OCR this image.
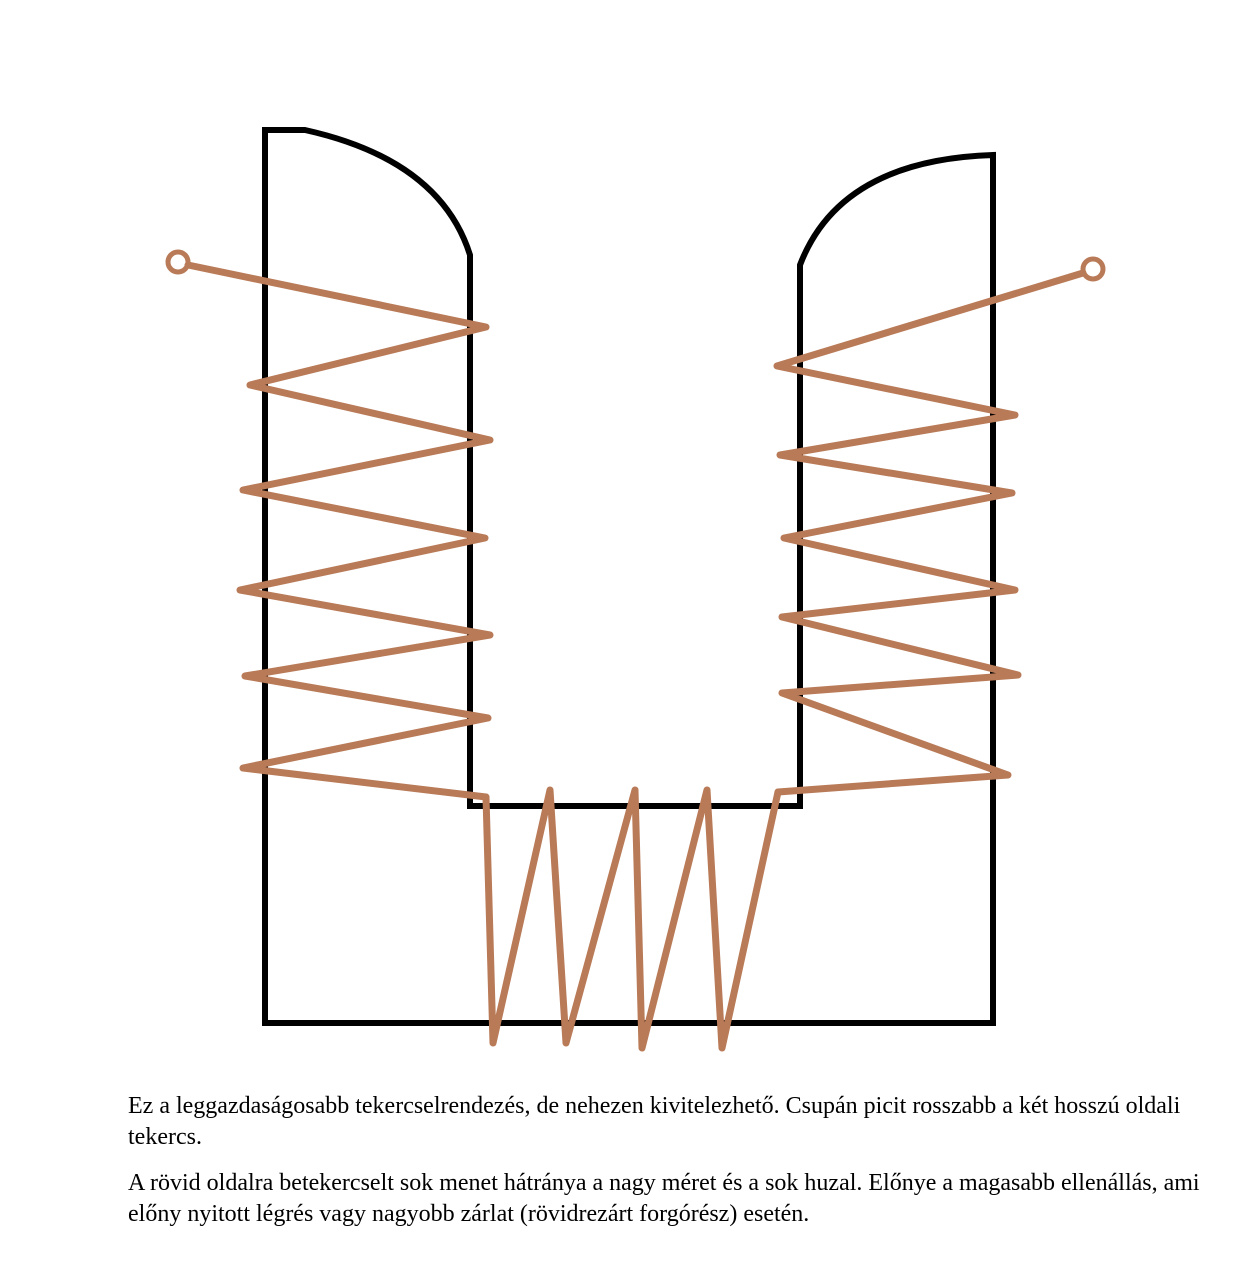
Ez a leggazdaságosabb tekercselrendezés, de nehezen kivitelezhető. Csupán picit rosszabb a két hosszú oldali tekercs.

A rövid oldalra betekercselt sok menet hátránya a nagy méret és a sok huzal. Előnye a magasabb ellenállás, ami előny nyitott légrés vagy nagyobb zárlat (rövidrezárt forgórész) esetén.
